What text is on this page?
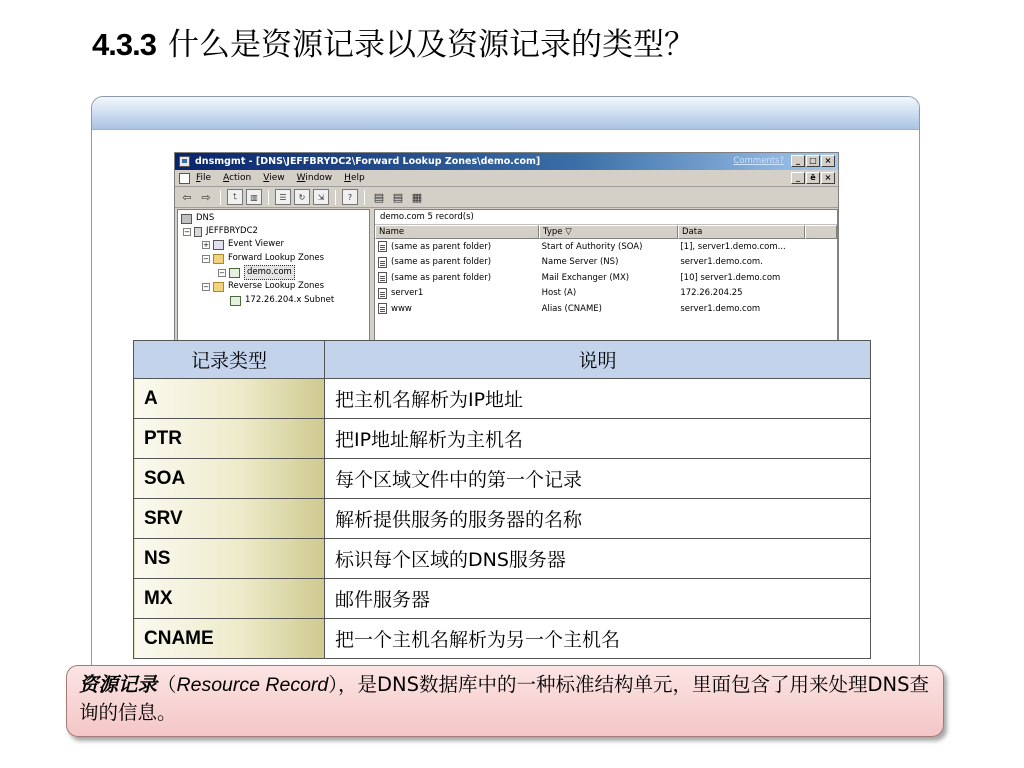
4.3.3 什么是资源记录以及资源记录的类型？
dnsmgmt - [DNS\JEFFBRYDC2\Forward Lookup Zones\demo.com]	Comments?	_	□ ×
File Action View Window Help	_	ē	×
⇦ ⇨	⮤	▥	☰	↻	⇲	?	▤ ▤ ▦
DNS
− JEFFBRYDC2
+ Event Viewer
− Forward Lookup Zones
−	demo.com
− Reverse Lookup Zones
172.26.204.x Subnet
demo.com 5 record(s)
Name	Type ▽	Data
(same as parent folder)	Start of Authority (SOA)	[1], server1.demo.com...
(same as parent folder)	Name Server (NS)	server1.demo.com.
(same as parent folder)	Mail Exchanger (MX)	[10] server1.demo.com
server1	Host (A)	172.26.204.25
www	Alias (CNAME)	server1.demo.com
记录类型	说明
A	把主机名解析为IP地址
PTR	把IP地址解析为主机名
SOA	每个区域文件中的第一个记录
SRV	解析提供服务的服务器的名称
NS	标识每个区域的DNS服务器
MX	邮件服务器
CNAME	把一个主机名解析为另一个主机名
资源记录（Resource Record），是DNS数据库中的一种标准结构单元，里面包含了用来处理DNS查询的信息。
